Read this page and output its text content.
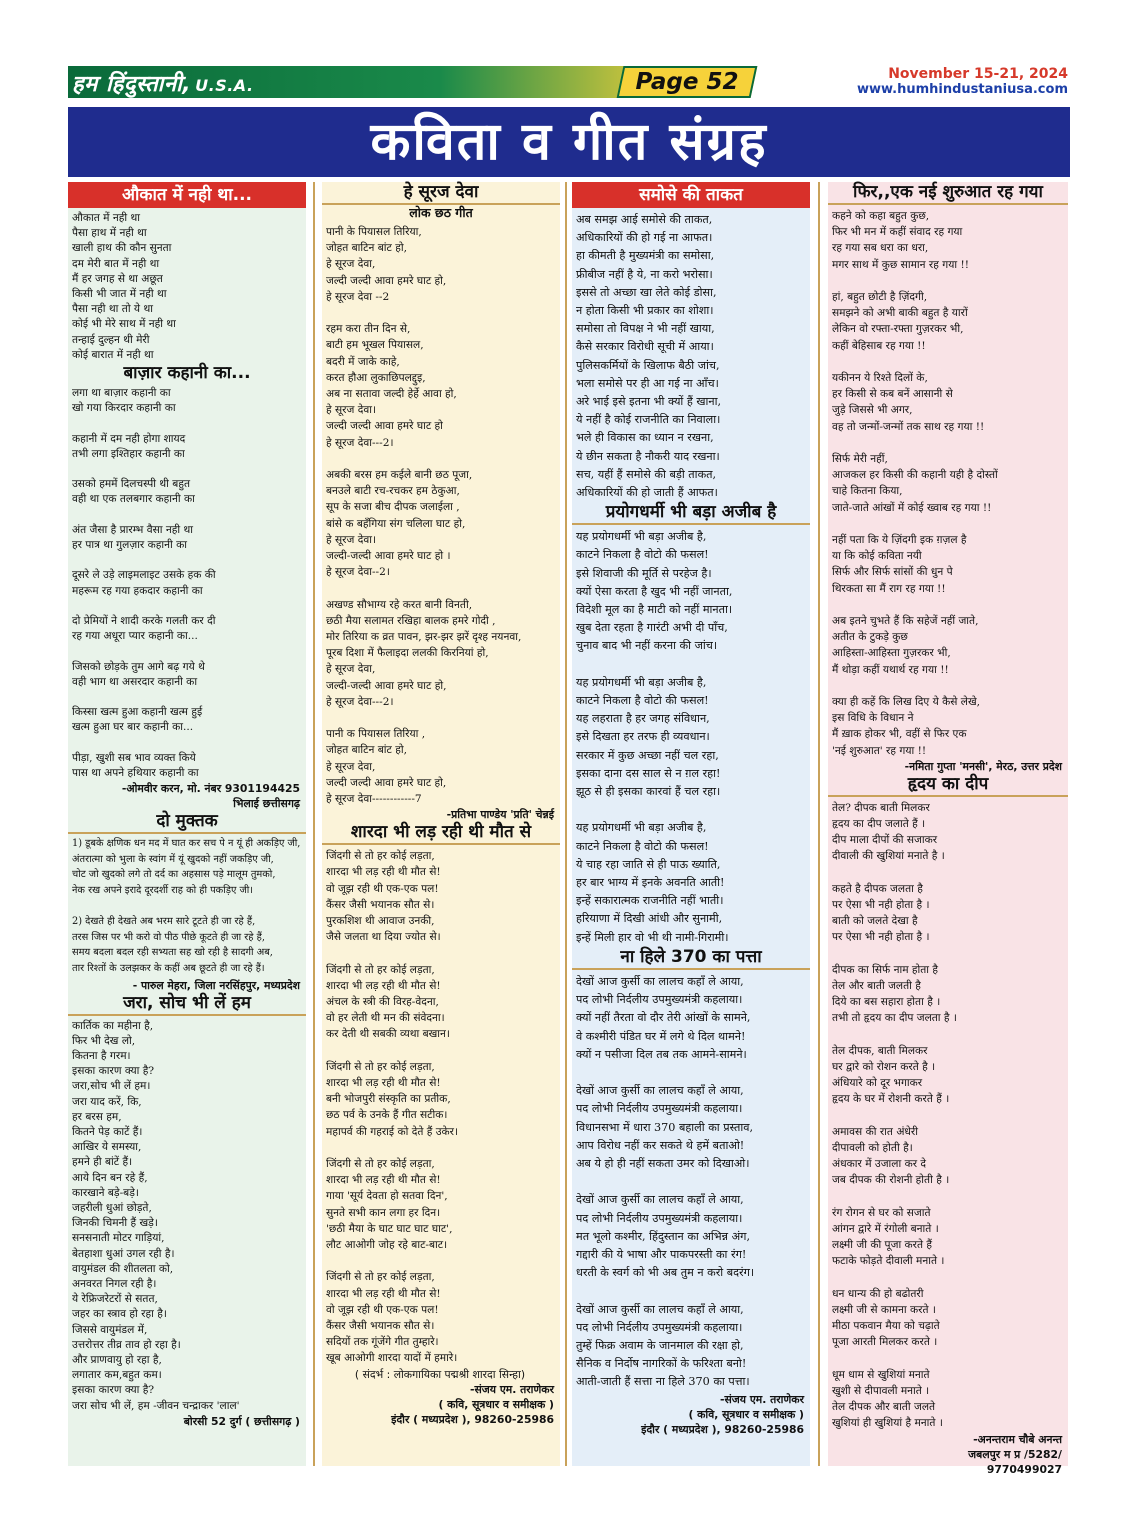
हम हिंदुस्तानी, U.S.A.	Page 52	November 15-21, 2024
www.humhindustaniusa.com
कविता व गीत संग्रह
औकात में नही था...
औकात में नही था
पैसा हाथ में नही था
खाली हाथ की कौन सुनता
दम मेरी बात में नही था
मैं हर जगह से था अछूत
किसी भी जात में नही था
पैसा नही था तो ये था
कोई भी मेरे साथ में नही था
तन्हाई दुल्हन थी मेरी
कोई बारात में नही था
बाज़ार कहानी का...
लगा था बाज़ार कहानी का
खो गया किरदार कहानी का
कहानी में दम नही होगा शायद
तभी लगा इश्तिहार कहानी का
उसको हममें दिलचस्पी थी बहुत
वही था एक तलबगार कहानी का
अंत जैसा है प्रारम्भ वैसा नही था
हर पात्र था गुलज़ार कहानी का
दूसरे ले उड़े लाइमलाइट उसके हक की
महरूम रह गया हकदार कहानी का
दो प्रेमियों ने शादी करके गलती कर दी
रह गया अधूरा प्यार कहानी का...
जिसको छोड़के तुम आगे बढ़ गये थे
वही भाग था असरदार कहानी का
किस्सा खत्म हुआ कहानी खत्म हुई
खत्म हुआ घर बार कहानी का...
पीड़ा, खुशी सब भाव व्यक्त किये
पास था अपने हथियार कहानी का
-ओमवीर करन, मो. नंबर 9301194425
भिलाई छत्तीसगढ़
दो मुक्तक
1) डूबके क्षणिक धन मद में घात कर सच पे न यूं ही अकड़िए जी,
अंतरात्मा को भुला के स्वांग में यूं खुदको नहीं जकड़िए जी,
चोट जो खुदको लगे तो दर्द का अहसास पड़े मालूम तुमको,
नेक रख अपने इरादे दूरदर्शी राह को ही पकड़िए जी।
2) देखते ही देखते अब भरम सारे टूटते ही जा रहे हैं,
तरस जिस पर भी करो वो पीठ पीछे कूटते ही जा रहे हैं,
समय बदला बदल रही सभ्यता सह खो रही है सादगी अब,
तार रिश्तों के उलझकर के कहीं अब छूटते ही जा रहे हैं।
- पारुल मेहरा, जिला नरसिंहपुर, मध्यप्रदेश
जरा, सोच भी लें हम
कार्तिक का महीना है,
फिर भी देख लो,
कितना है गरम।
इसका कारण क्या है?
जरा,सोच भी लें हम।
जरा याद करें, कि,
हर बरस हम,
कितने पेड़ काटें हैं।
आखिर ये समस्या,
हमने ही बांटें हैं।
आये दिन बन रहे हैं,
कारखाने बड़े-बड़े।
जहरीली धुआं छोड़ते,
जिनकी चिमनी हैं खड़े।
सनसनाती मोटर गाड़ियां,
बेतहाशा धुआं उगल रही है।
वायुमंडल की शीतलता को,
अनवरत निगल रही है।
ये रेफ्रिजरेटरों से सतत,
जहर का स्त्राव हो रहा है।
जिससे वायुमंडल में,
उत्तरोत्तर तीव्र ताव हो रहा है।
और प्राणवायु हो रहा है,
लगातार कम,बहुत कम।
इसका कारण क्या है?
जरा सोच भी लें, हम -जीवन चन्द्राकर 'लाल'
बोरसी 52 दुर्ग ( छत्तीसगढ़ )
हे सूरज देवा
लोक छठ गीत
पानी के पियासल तिरिया,
जोहत बाटिन बांट हो,
हे सूरज देवा,
जल्दी जल्दी आवा हमरे घाट हो,
हे सूरज देवा --2
रहम करा तीन दिन से,
बाटी हम भूखल पियासल,
बदरी में जाके काहे,
करत हौआ लुकाछिपलद्दुइ,
अब ना सतावा जल्दी हेर्हे आवा हो,
हे सूरज देवा।
जल्दी जल्दी आवा हमरे घाट हो
हे सूरज देवा---2।
अबकी बरस हम कईले बानी छठ पूजा,
बनउले बाटी रच-रचकर हम ठेकुआ,
सूप के सजा बीच दीपक जलाईला ,
बांसे क बहँगिया संग चलिला घाट हो,
हे सूरज देवा।
जल्दी-जल्दी आवा हमरे घाट हो ।
हे सूरज देवा--2।
अखण्ड सौभाग्य रहे करत बानी विनती,
छठी मैया सलामत रखिहा बालक हमरे गोदी ,
मोर तिरिया क व्रत पावन, झर-झर झरें दृश्ह नयनवा,
पूरब दिशा में फैलाइदा ललकी किरनियां हो,
हे सूरज देवा,
जल्दी-जल्दी आवा हमरे घाट हो,
हे सूरज देवा---2।
पानी क पियासल तिरिया ,
जोहत बाटिन बांट हो,
हे सूरज देवा,
जल्दी जल्दी आवा हमरे घाट हो,
हे सूरज देवा------------7
-प्रतिभा पाण्डेय 'प्रति' चेन्नई
शारदा भी लड़ रही थी मौत से
जिंदगी से तो हर कोई लड़ता,
शारदा भी लड़ रही थी मौत से!
वो जूझ रही थी एक-एक पल!
कैंसर जैसी भयानक सौत से।
पुरकशिश थी आवाज उनकी,
जैसे जलता था दिया ज्योत से।
जिंदगी से तो हर कोई लड़ता,
शारदा भी लड़ रही थी मौत से!
अंचल के स्त्री की विरह-वेदना,
वो हर लेती थी मन की संवेदना।
कर देती थी सबकी व्यथा बखान।
जिंदगी से तो हर कोई लड़ता,
शारदा भी लड़ रही थी मौत से!
बनी भोजपुरी संस्कृति का प्रतीक,
छठ पर्व के उनके हैं गीत सटीक।
महापर्व की गहराई को देते हैं उकेर।
जिंदगी से तो हर कोई लड़ता,
शारदा भी लड़ रही थी मौत से!
गाया 'सूर्य देवता हो सतवा दिन',
सुनते सभी कान लगा हर दिन।
'छठी मैया के घाट घाट घाट घाट',
लौट आओगी जोह रहे बाट-बाट।
जिंदगी से तो हर कोई लड़ता,
शारदा भी लड़ रही थी मौत से!
वो जूझ रही थी एक-एक पल!
कैंसर जैसी भयानक सौत से।
सदियों तक गूंजेंगे गीत तुम्हारे।
खूब आओगी शारदा यादों में हमारे।
( संदर्भ : लोकगायिका पद्मश्री शारदा सिन्हा)
-संजय एम. तराणेकर
( कवि, सूत्रधार व समीक्षक )
इंदौर ( मध्यप्रदेश ), 98260-25986
समोसे की ताकत
अब समझ आई समोसे की ताकत,
अधिकारियों की हो गई ना आफत।
हा कीमती है मुख्यमंत्री का समोसा,
फ्रीबीज नहीं है ये, ना करो भरोसा।
इससे तो अच्छा खा लेते कोई डोसा,
न होता किसी भी प्रकार का शोशा।
समोसा तो विपक्ष ने भी नहीं खाया,
कैसे सरकार विरोधी सूची में आया।
पुलिसकर्मियों के खिलाफ बैठी जांच,
भला समोसे पर ही आ गई ना आँच।
अरे भाई इसे इतना भी क्यों हैं खाना,
ये नहीं है कोई राजनीति का निवाला।
भले ही विकास का ध्यान न रखना,
ये छीन सकता है नौकरी याद रखना।
सच, यहीं हैं समोसे की बड़ी ताकत,
अधिकारियों की हो जाती हैं आफत।
प्रयोगधर्मी भी बड़ा अजीब है
यह प्रयोगधर्मी भी बड़ा अजीब है,
काटने निकला है वोटो की फसल!
इसे शिवाजी की मूर्ति से परहेज है।
क्यों ऐसा करता है खुद भी नहीं जानता,
विदेशी मूल का है माटी को नहीं मानता।
खुब देता रहता है गारंटी अभी दी पाँच,
चुनाव बाद भी नहीं करना की जांच।
यह प्रयोगधर्मी भी बड़ा अजीब है,
काटने निकला है वोटो की फसल!
यह लहराता है हर जगह संविधान,
इसे दिखता हर तरफ ही व्यवधान।
सरकार में कुछ अच्छा नहीं चल रहा,
इसका दाना दस साल से न ग़ल रहा!
झूठ से ही इसका कारवां हैं चल रहा।
यह प्रयोगधर्मी भी बड़ा अजीब है,
काटने निकला है वोटो की फसल!
ये चाह रहा जाति से ही पाऊ ख्याति,
हर बार भाग्य में इनके अवनति आती!
इन्हें सकारात्मक राजनीति नहीं भाती।
हरियाणा में दिखी आंधी और सुनामी,
इन्हें मिली हार वो भी थी नामी-गिरामी।
ना हिले 370 का पत्ता
देखों आज कुर्सी का लालच कहाँ ले आया,
पद लोभी निर्दलीय उपमुख्यमंत्री कहलाया।
क्यों नहीं तैरता वो दौर तेरी आंखों के सामने,
वे कश्मीरी पंडित घर में लगे थे दिल थामने!
क्यों न पसीजा दिल तब तक आमने-सामने।
देखों आज कुर्सी का लालच कहाँ ले आया,
पद लोभी निर्दलीय उपमुख्यमंत्री कहलाया।
विधानसभा में धारा 370 बहाली का प्रस्ताव,
आप विरोध नहीं कर सकते थे हमें बताओ!
अब ये हो ही नहीं सकता उमर को दिखाओ।
देखों आज कुर्सी का लालच कहाँ ले आया,
पद लोभी निर्दलीय उपमुख्यमंत्री कहलाया।
मत भूलो कश्मीर, हिंदुस्तान का अभिन्न अंग,
गद्दारी की ये भाषा और पाकपरस्ती का रंग!
धरती के स्वर्ग को भी अब तुम न करो बदरंग।
देखों आज कुर्सी का लालच कहाँ ले आया,
पद लोभी निर्दलीय उपमुख्यमंत्री कहलाया।
तुम्हें फिक्र अवाम के जानमाल की रक्षा हो,
सैनिक व निर्दोष नागरिकों के फरिश्ता बनो!
आती-जाती हैं सत्ता ना हिले 370 का पत्ता।
-संजय एम. तराणेकर
( कवि, सूत्रधार व समीक्षक )
इंदौर ( मध्यप्रदेश ), 98260-25986
फिर,,एक नई शुरुआत रह गया
कहने को कहा बहुत कुछ,
फिर भी मन में कहीं संवाद रह गया
रह गया सब धरा का धरा,
मगर साथ में कुछ सामान रह गया !!
हां, बहुत छोटी है ज़िंदगी,
समझने को अभी बाकी बहुत है यारों
लेकिन वो रफ्ता-रफ्ता गुज़रकर भी,
कहीं बेहिसाब रह गया !!
यकीनन ये रिश्ते दिलों के,
हर किसी से कब बनें आसानी से
जुड़े जिससे भी अगर,
वह तो जन्मों-जन्मों तक साथ रह गया !!
सिर्फ मेरी नहीं,
आजकल हर किसी की कहानी यही है दोस्तों
चाहे कितना किया,
जाते-जाते आंखों में कोई ख्वाब रह गया !!
नहीं पता कि ये ज़िंदगी इक ग़ज़ल है
या कि कोई कविता नयी
सिर्फ और सिर्फ सांसों की धुन पे
थिरकता सा मैं राग रह गया !!
अब इतने चुभते हैं कि सहेजें नहीं जाते,
अतीत के टुकड़े कुछ
आहिस्ता-आहिस्ता गुज़रकर भी,
मैं थोड़ा कहीं यथार्थ रह गया !!
क्या ही कहें कि लिख दिए ये कैसे लेखे,
इस विधि के विधान ने
मैं ख़ाक होकर भी, वहीं से फिर एक
'नई शुरुआत' रह गया !!
-नमिता गुप्ता 'मनसी', मेरठ, उत्तर प्रदेश
हृदय का दीप
तेल? दीपक बाती मिलकर
हृदय का दीप जलाते हैं ।
दीप माला दीपों की सजाकर
दीवाली की खुशियां मनाते है ।
कहते है दीपक जलता है
पर ऐसा भी नही होता है ।
बाती को जलते देखा है
पर ऐसा भी नही होता है ।
दीपक का सिर्फ नाम होता है
तेल और बाती जलती है
दिये का बस सहारा होता है ।
तभी तो हृदय का दीप जलता है ।
तेल दीपक, बाती मिलकर
घर द्वारे को रोशन करते है ।
अंधियारे को दूर भगाकर
हृदय के घर में रोशनी करते हैं ।
अमावस की रात अंधेरी
दीपावली को होती है।
अंधकार में उजाला कर दे
जब दीपक की रोशनी होती है ।
रंग रोगन से घर को सजाते
आंगन द्वारे में रंगोली बनाते ।
लक्ष्मी जी की पूजा करते हैं
फटाके फोड़ते दीवाली मनाते ।
धन धान्य की हो बढोतरी
लक्ष्मी जी से कामना करते ।
मीठा पकवान मैया को चढ़ाते
पूजा आरती मिलकर करते ।
धूम धाम से खुशियां मनाते
खुशी से दीपावली मनाते ।
तेल दीपक और बाती जलते
खुशियां ही खुशियां है मनाते ।
-अनन्तराम चौबे अनन्त
जबलपुर म प्र /5282/
9770499027
